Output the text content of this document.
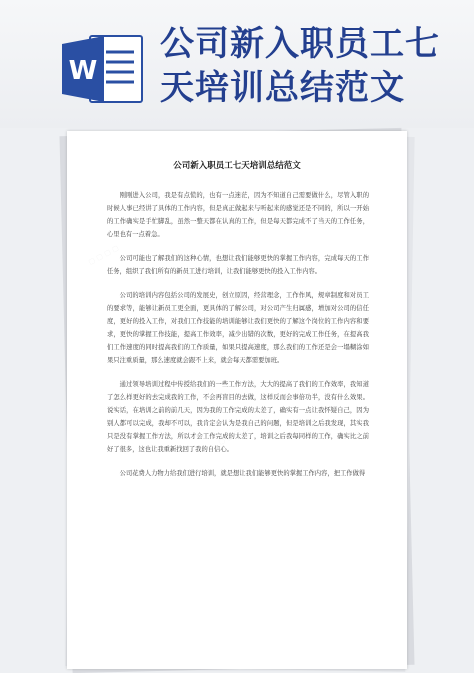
W
公司新入职员工七
天培训总结范文
公司新入职员工七天培训总结范文

刚刚进入公司，我是有点慌的，也有一点迷茫，因为不知道自己需要做什么，尽管入职的时候人事已经讲了具体的工作内容，但是真正做起来与听起来的感觉还是不同的，所以一开始的工作确实是手忙脚乱，虽然一整天都在认真的工作，但是每天都完成不了当天的工作任务，心里也有一点着急。

公司可能也了解我们的这种心情，也想让我们能够更快的掌握工作内容，完成每天的工作任务，组织了我们所有的新员工进行培训，让我们能够更快的投入工作内容。

公司的培训内容包括公司的发展史，创立原因，经营理念，工作作风，规章制度和对员工的要求等，能够让新员工更全面，更具体的了解公司，对公司产生归属感，增加对公司的信任度，更好的投入工作，对我们工作技能的培训能够让我们更快的了解这个岗位的工作内容和要求，更快的掌握工作技能，提高工作效率，减少出错的次数，更好的完成工作任务，在提高我们工作速度的同时提高我们的工作质量，如果只提高速度，那么我们的工作还是会一塌糊涂如果只注重质量，那么速度就会跟不上来，就会每天都需要加班。

通过领导培训过程中传授给我们的一些工作方法，大大的提高了我们的工作效率，我知道了怎么样更好的去完成我的工作，不会再盲目的去做，这样反而会事倍功半，没有什么效果。说实话，在培训之前的前几天，因为我的工作完成的太差了，确实有一点让我怀疑自己，因为别人都可以完成，我却不可以，我肯定会认为是我自己的问题，但是培训之后我发现，其实我只是没有掌握工作方法，所以才会工作完成的太差了，培训之后我每同样的工作，确实比之前好了很多，这也让我重新找回了我的自信心。

公司花费人力物力给我们进行培训，就是想让我们能够更快的掌握工作内容，把工作做得
